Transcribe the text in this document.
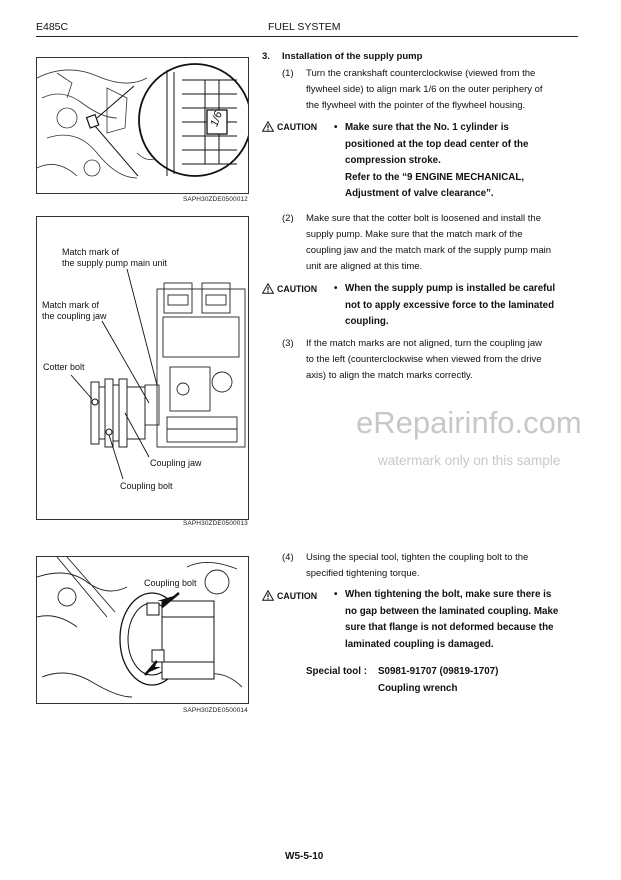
E485C	FUEL SYSTEM
1/6
SAPH30ZDE0500012
Match mark of
the supply pump main unit
Match mark of
the coupling jaw
Cotter bolt
Coupling jaw
Coupling bolt
SAPH30ZDE0500013
Coupling bolt
SAPH30ZDE0500014
3. Installation of the supply pump
(1) Turn the crankshaft counterclockwise (viewed from the
flywheel side) to align mark 1/6 on the outer periphery of
the flywheel with the pointer of the flywheel housing.
CAUTION • Make sure that the No. 1 cylinder is
positioned at the top dead center of the
compression stroke.
Refer to the “9 ENGINE MECHANICAL,
Adjustment of valve clearance”.
(2) Make sure that the cotter bolt is loosened and install the
supply pump. Make sure that the match mark of the
coupling jaw and the match mark of the supply pump main
unit are aligned at this time.
CAUTION • When the supply pump is installed be careful
not to apply excessive force to the laminated
coupling.
(3) If the match marks are not aligned, turn the coupling jaw
to the left (counterclockwise when viewed from the drive
axis) to align the match marks correctly.
eRepairinfo.com
watermark only on this sample
(4) Using the special tool, tighten the coupling bolt to the
specified tightening torque.
CAUTION • When tightening the bolt, make sure there is
no gap between the laminated coupling. Make
sure that flange is not deformed because the
laminated coupling is damaged.
Special tool : S0981-91707 (09819-1707)
Coupling wrench
W5-5-10
